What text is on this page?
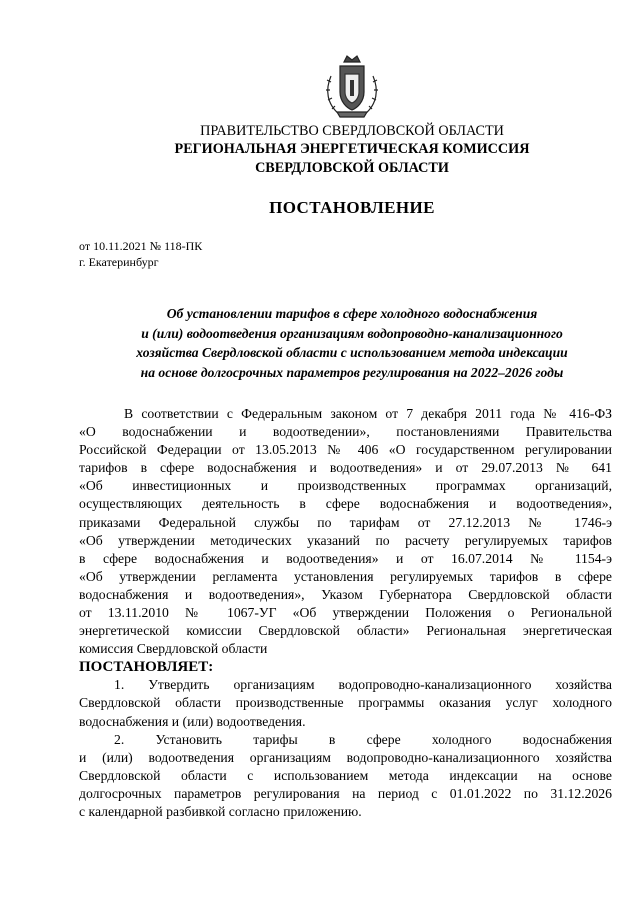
ПРАВИТЕЛЬСТВО СВЕРДЛОВСКОЙ ОБЛАСТИ
РЕГИОНАЛЬНАЯ ЭНЕРГЕТИЧЕСКАЯ КОМИССИЯ
СВЕРДЛОВСКОЙ ОБЛАСТИ
ПОСТАНОВЛЕНИЕ
от 10.11.2021 № 118-ПК
г. Екатеринбург
Об установлении тарифов в сфере холодного водоснабжения
и (или) водоотведения организациям водопроводно-канализационного
хозяйства Свердловской области с использованием метода индексации
на основе долгосрочных параметров регулирования на 2022–2026 годы
В соответствии с Федеральным законом от 7 декабря 2011 года № 416-ФЗ
«О водоснабжении и водоотведении», постановлениями Правительства
Российской Федерации от 13.05.2013 № 406 «О государственном регулировании
тарифов в сфере водоснабжения и водоотведения» и от 29.07.2013 № 641
«Об инвестиционных и производственных программах организаций,
осуществляющих деятельность в сфере водоснабжения и водоотведения»,
приказами Федеральной службы по тарифам от 27.12.2013 № 1746-э
«Об утверждении методических указаний по расчету регулируемых тарифов
в сфере водоснабжения и водоотведения» и от 16.07.2014 № 1154-э
«Об утверждении регламента установления регулируемых тарифов в сфере
водоснабжения и водоотведения», Указом Губернатора Свердловской области
от 13.11.2010 № 1067-УГ «Об утверждении Положения о Региональной
энергетической комиссии Свердловской области» Региональная энергетическая
комиссия Свердловской области
ПОСТАНОВЛЯЕТ:
1. Утвердить организациям водопроводно-канализационного хозяйства
Свердловской области производственные программы оказания услуг холодного
водоснабжения и (или) водоотведения.
2. Установить тарифы в сфере холодного водоснабжения
и (или) водоотведения организациям водопроводно-канализационного хозяйства
Свердловской области с использованием метода индексации на основе
долгосрочных параметров регулирования на период с 01.01.2022 по 31.12.2026
с календарной разбивкой согласно приложению.
